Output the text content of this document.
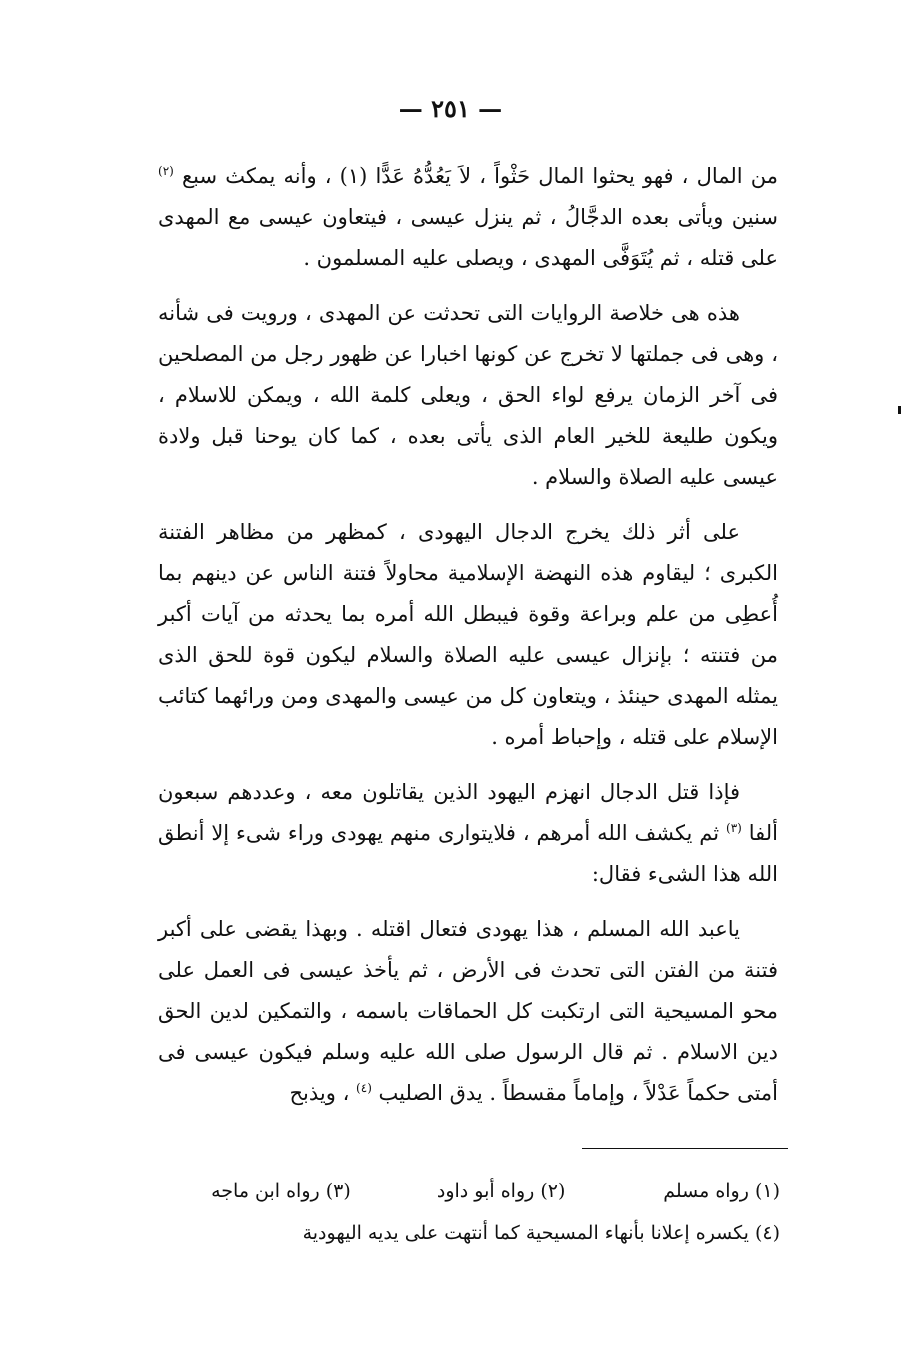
— ٢٥١ —

من المال ، فهو يحثوا المال حَثْواً ، لاَ يَعُدُّهُ عَدًّا (١) ، وأنه يمكث سبع $^{(٢)}$ سنين ويأتى بعده الدجَّالُ ، ثم ينزل عيسى ، فيتعاون عيسى مع المهدى على قتله ، ثم يُتَوَفَّى المهدى ، ويصلى عليه المسلمون .

هذه هى خلاصة الروايات التى تحدثت عن المهدى ، ورويت فى شأنه ، وهى فى جملتها لا تخرج عن كونها اخبارا عن ظهور رجل من المصلحين فى آخر الزمان يرفع لواء الحق ، ويعلى كلمة الله ، ويمكن للاسلام ، ويكون طليعة للخير العام الذى يأتى بعده ، كما كان يوحنا قبل ولادة عيسى عليه الصلاة والسلام .

على أثر ذلك يخرج الدجال اليهودى ، كمظهر من مظاهر الفتنة الكبرى ؛ ليقاوم هذه النهضة الإسلامية محاولاً فتنة الناس عن دينهم بما أُعطِى من علم وبراعة وقوة فيبطل الله أمره بما يحدثه من آيات أكبر من فتنته ؛ بإنزال عيسى عليه الصلاة والسلام ليكون قوة للحق الذى يمثله المهدى حينئذ ، ويتعاون كل من عيسى والمهدى ومن ورائهما كتائب الإسلام على قتله ، وإحباط أمره .

فإذا قتل الدجال انهزم اليهود الذين يقاتلون معه ، وعددهم سبعون ألفا $^{(٣)}$ ثم يكشف الله أمرهم ، فلايتوارى منهم يهودى وراء شىء إلا أنطق الله هذا الشىء فقال:

ياعبد الله المسلم ، هذا يهودى فتعال اقتله . وبهذا يقضى على أكبر فتنة من الفتن التى تحدث فى الأرض ، ثم يأخذ عيسى فى العمل على محو المسيحية التى ارتكبت كل الحماقات باسمه ، والتمكين لدين الحق دين الاسلام . ثم قال الرسول صلى الله عليه وسلم فيكون عيسى فى أمتى حكماً عَدْلاً ، وإماماً مقسطاً . يدق الصليب $^{(٤)}$ ، ويذبح

(١) رواه مسلم
(٢) رواه أبو داود
(٣) رواه ابن ماجه
(٤) يكسره إعلانا بأنهاء المسيحية كما أنتهت على يديه اليهودية
